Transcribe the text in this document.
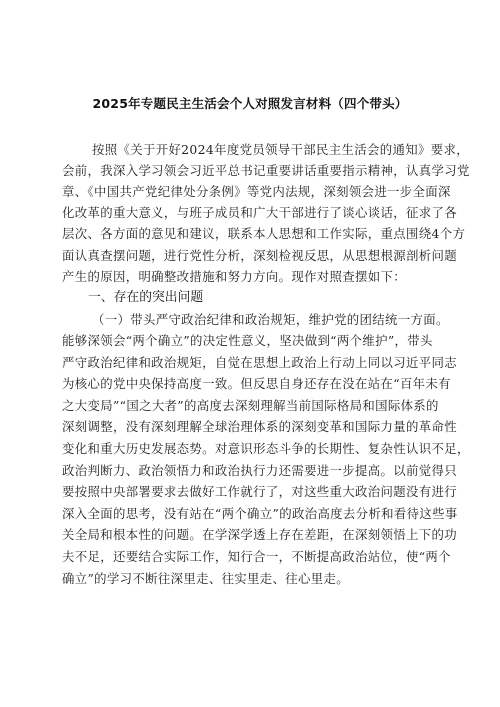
2025年专题民主生活会个人对照发言材料（四个带头）
按照《关于开好2024年度党员领导干部民主生活会的通知》要求，
会前，我深入学习领会习近平总书记重要讲话重要指示精神，认真学习党
章、《中国共产党纪律处分条例》等党内法规，深刻领会进一步全面深
化改革的重大意义，与班子成员和广大干部进行了谈心谈话，征求了各
层次、各方面的意见和建议，联系本人思想和工作实际，重点围绕4个方
面认真查摆问题，进行党性分析，深刻检视反思，从思想根源剖析问题
产生的原因，明确整改措施和努力方向。现作对照查摆如下：
一、存在的突出问题
（一）带头严守政治纪律和政治规矩，维护党的团结统一方面。
能够深领会“两个确立”的决定性意义，坚决做到“两个维护”，带头
严守政治纪律和政治规矩，自觉在思想上政治上行动上同以习近平同志
为核心的党中央保持高度一致。但反思自身还存在没在站在“百年未有
之大变局”“国之大者”的高度去深刻理解当前国际格局和国际体系的
深刻调整，没有深刻理解全球治理体系的深刻变革和国际力量的革命性
变化和重大历史发展态势。对意识形态斗争的长期性、复杂性认识不足，
政治判断力、政治领悟力和政治执行力还需要进一步提高。以前觉得只
要按照中央部署要求去做好工作就行了，对这些重大政治问题没有进行
深入全面的思考，没有站在“两个确立”的政治高度去分析和看待这些事
关全局和根本性的问题。在学深学透上存在差距，在深刻领悟上下的功
夫不足，还要结合实际工作，知行合一，不断提高政治站位，使“两个
确立”的学习不断往深里走、往实里走、往心里走。
